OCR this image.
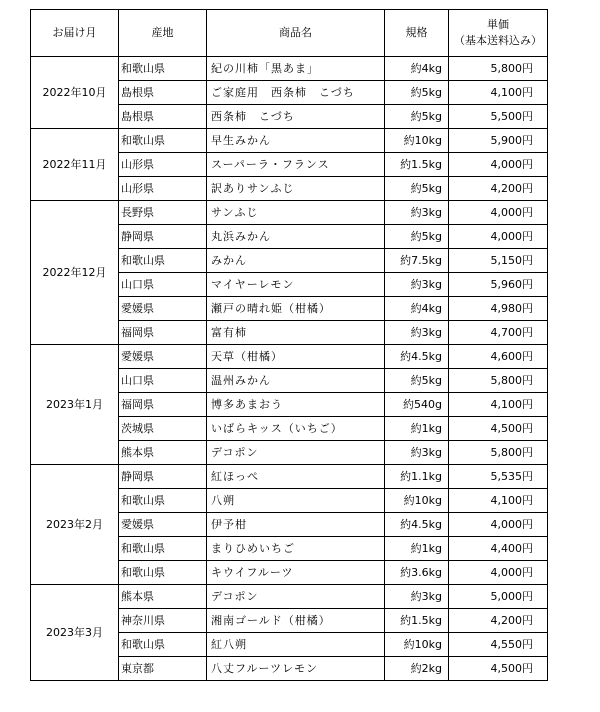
お届け月	産地	商品名	規格	単価
（基本送料込み）

2022年10月	和歌山県	紀の川柿「黒あま」	約4kg	5,800円
	島根県	ご家庭用　西条柿　こづち	約5kg	4,100円
	島根県	西条柿　こづち	約5kg	5,500円
2022年11月	和歌山県	早生みかん	約10kg	5,900円
	山形県	スーパーラ・フランス	約1.5kg	4,000円
	山形県	訳ありサンふじ	約5kg	4,200円
2022年12月	長野県	サンふじ	約3kg	4,000円
	静岡県	丸浜みかん	約5kg	4,000円
	和歌山県	みかん	約7.5kg	5,150円
	山口県	マイヤーレモン	約3kg	5,960円
	愛媛県	瀬戸の晴れ姫（柑橘）	約4kg	4,980円
	福岡県	富有柿	約3kg	4,700円
2023年1月	愛媛県	天草（柑橘）	約4.5kg	4,600円
	山口県	温州みかん	約5kg	5,800円
	福岡県	博多あまおう	約540g	4,100円
	茨城県	いばらキッス（いちご）	約1kg	4,500円
	熊本県	デコポン	約3kg	5,800円
2023年2月	静岡県	紅ほっぺ	約1.1kg	5,535円
	和歌山県	八朔	約10kg	4,100円
	愛媛県	伊予柑	約4.5kg	4,000円
	和歌山県	まりひめいちご	約1kg	4,400円
	和歌山県	キウイフルーツ	約3.6kg	4,000円
2023年3月	熊本県	デコポン	約3kg	5,000円
	神奈川県	湘南ゴールド（柑橘）	約1.5kg	4,200円
	和歌山県	紅八朔	約10kg	4,550円
	東京都	八丈フルーツレモン	約2kg	4,500円
